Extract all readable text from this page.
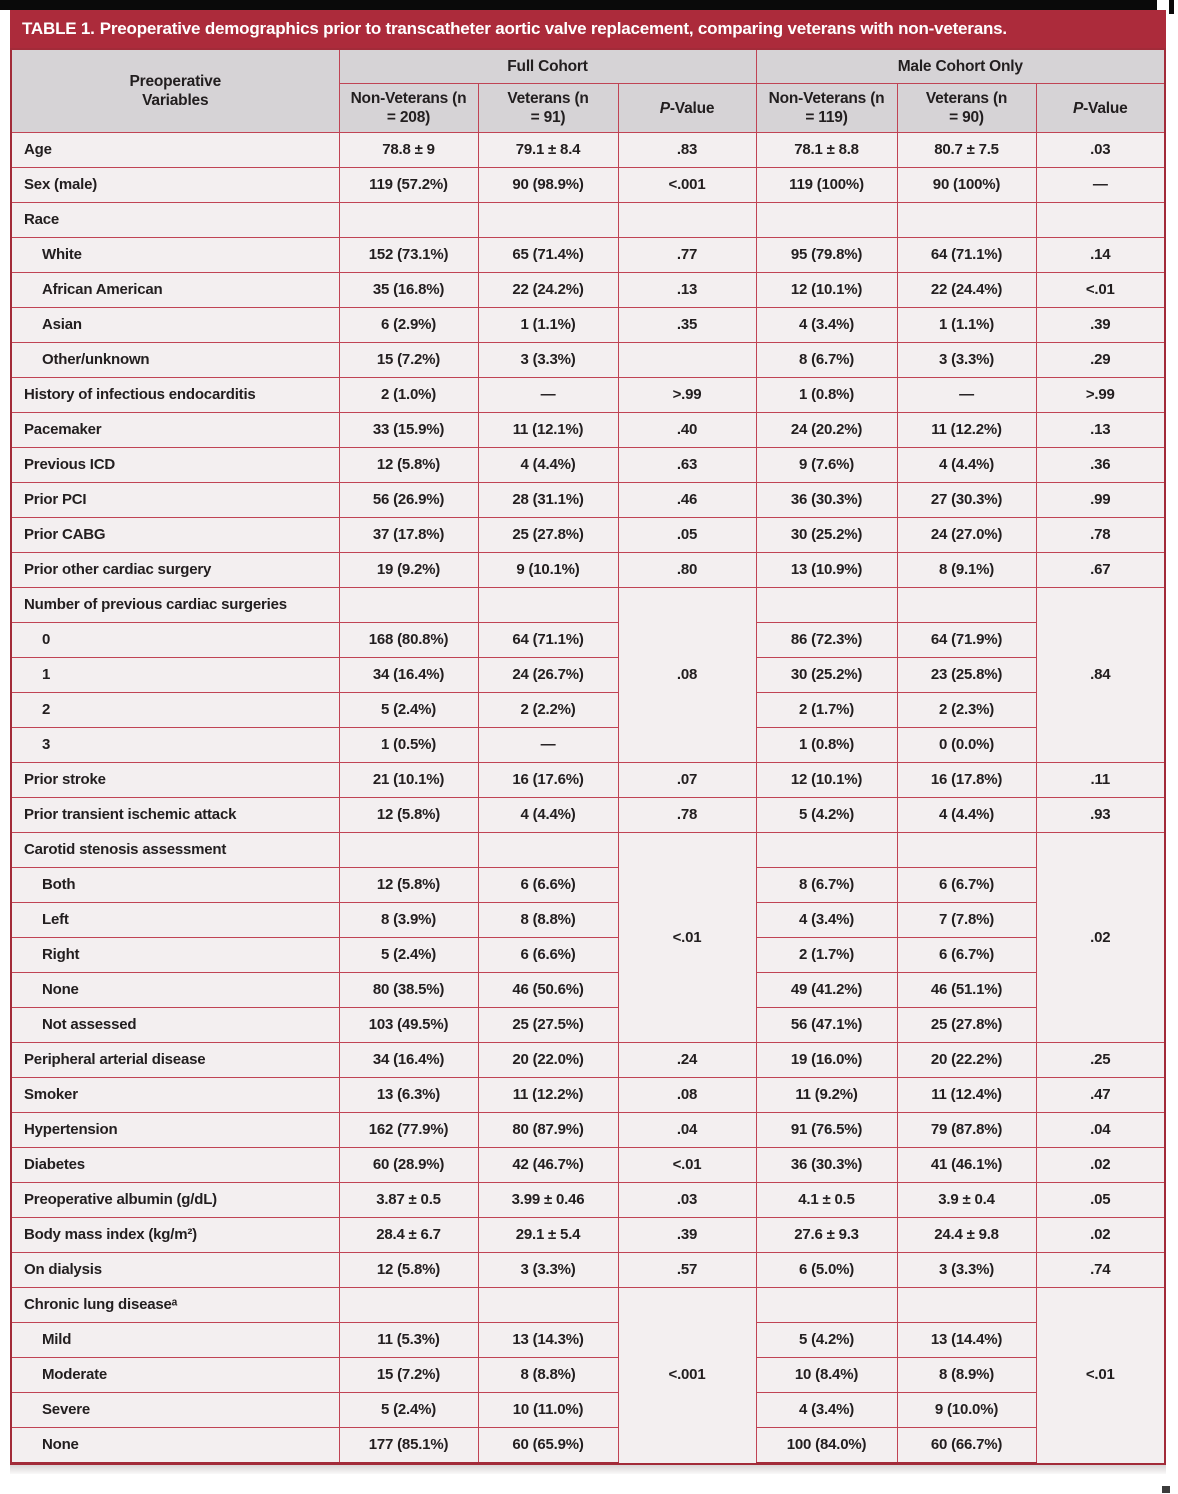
TABLE 1. Preoperative demographics prior to transcatheter aortic valve replacement, comparing veterans with non-veterans.
Preoperative Variables	Full Cohort			Male Cohort Only		

	Non-Veterans (n = 208)	Veterans (n = 91)	P-Value	Non-Veterans (n = 119)	Veterans (n = 90)	P-Value
Age	78.8 ± 9	79.1 ± 8.4	.83	78.1 ± 8.8	80.7 ± 7.5	.03
Sex (male)	119 (57.2%)	90 (98.9%)	<.001	119 (100%)	90 (100%)	—
Race						
White	152 (73.1%)	65 (71.4%)	.77	95 (79.8%)	64 (71.1%)	.14
African American	35 (16.8%)	22 (24.2%)	.13	12 (10.1%)	22 (24.4%)	<.01
Asian	6 (2.9%)	1 (1.1%)	.35	4 (3.4%)	1 (1.1%)	.39
Other/unknown	15 (7.2%)	3 (3.3%)		8 (6.7%)	3 (3.3%)	.29
History of infectious endocarditis	2 (1.0%)	—	>.99	1 (0.8%)	—	>.99
Pacemaker	33 (15.9%)	11 (12.1%)	.40	24 (20.2%)	11 (12.2%)	.13
Previous ICD	12 (5.8%)	4 (4.4%)	.63	9 (7.6%)	4 (4.4%)	.36
Prior PCI	56 (26.9%)	28 (31.1%)	.46	36 (30.3%)	27 (30.3%)	.99
Prior CABG	37 (17.8%)	25 (27.8%)	.05	30 (25.2%)	24 (27.0%)	.78
Prior other cardiac surgery	19 (9.2%)	9 (10.1%)	.80	13 (10.9%)	8 (9.1%)	.67
Number of previous cardiac surgeries			.08			.84
0	168 (80.8%)	64 (71.1%)		86 (72.3%)	64 (71.9%)	
1	34 (16.4%)	24 (26.7%)		30 (25.2%)	23 (25.8%)	
2	5 (2.4%)	2 (2.2%)		2 (1.7%)	2 (2.3%)	
3	1 (0.5%)	—		1 (0.8%)	0 (0.0%)	
Prior stroke	21 (10.1%)	16 (17.6%)	.07	12 (10.1%)	16 (17.8%)	.11
Prior transient ischemic attack	12 (5.8%)	4 (4.4%)	.78	5 (4.2%)	4 (4.4%)	.93
Carotid stenosis assessment			<.01			.02
Both	12 (5.8%)	6 (6.6%)		8 (6.7%)	6 (6.7%)	
Left	8 (3.9%)	8 (8.8%)		4 (3.4%)	7 (7.8%)	
Right	5 (2.4%)	6 (6.6%)		2 (1.7%)	6 (6.7%)	
None	80 (38.5%)	46 (50.6%)		49 (41.2%)	46 (51.1%)	
Not assessed	103 (49.5%)	25 (27.5%)		56 (47.1%)	25 (27.8%)	
Peripheral arterial disease	34 (16.4%)	20 (22.0%)	.24	19 (16.0%)	20 (22.2%)	.25
Smoker	13 (6.3%)	11 (12.2%)	.08	11 (9.2%)	11 (12.4%)	.47
Hypertension	162 (77.9%)	80 (87.9%)	.04	91 (76.5%)	79 (87.8%)	.04
Diabetes	60 (28.9%)	42 (46.7%)	<.01	36 (30.3%)	41 (46.1%)	.02
Preoperative albumin (g/dL)	3.87 ± 0.5	3.99 ± 0.46	.03	4.1 ± 0.5	3.9 ± 0.4	.05
Body mass index (kg/m²)	28.4 ± 6.7	29.1 ± 5.4	.39	27.6 ± 9.3	24.4 ± 9.8	.02
On dialysis	12 (5.8%)	3 (3.3%)	.57	6 (5.0%)	3 (3.3%)	.74
Chronic lung diseaseᵃ			<.001			<.01
Mild	11 (5.3%)	13 (14.3%)		5 (4.2%)	13 (14.4%)	
Moderate	15 (7.2%)	8 (8.8%)		10 (8.4%)	8 (8.9%)	
Severe	5 (2.4%)	10 (11.0%)		4 (3.4%)	9 (10.0%)	
None	177 (85.1%)	60 (65.9%)		100 (84.0%)	60 (66.7%)	
